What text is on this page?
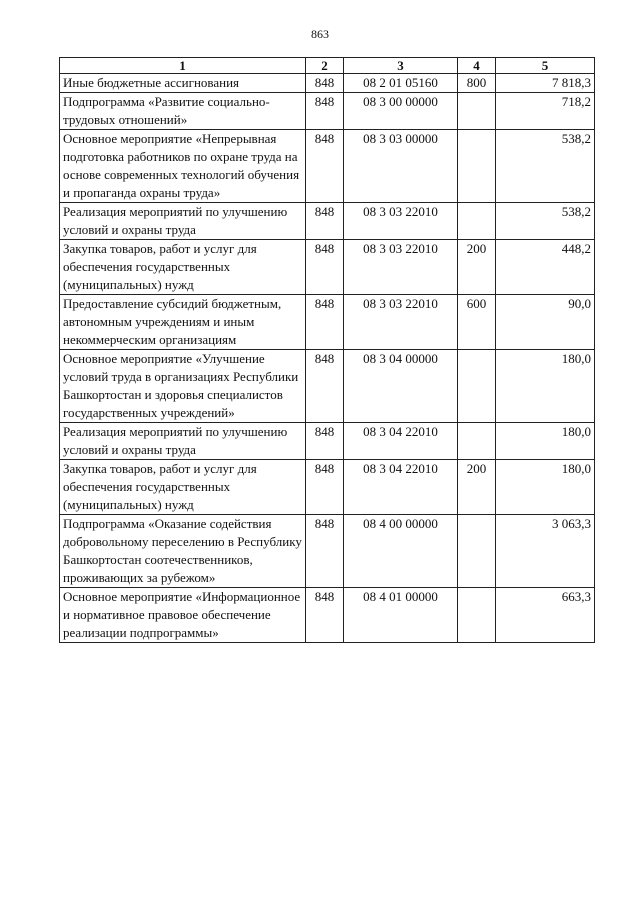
863
1	2	3	4	5
Иные бюджетные ассигнования	848	08 2 01 05160	800	7 818,3
Подпрограмма «Развитие социально-трудовых отношений»	848	08 3 00 00000		718,2
Основное мероприятие «Непрерывная подготовка работников по охране труда на основе современных технологий обучения и пропаганда охраны труда»	848	08 3 03 00000		538,2
Реализация мероприятий по улучшению условий и охраны труда	848	08 3 03 22010		538,2
Закупка товаров, работ и услуг для обеспечения государственных (муниципальных) нужд	848	08 3 03 22010	200	448,2
Предоставление субсидий бюджетным, автономным учреждениям и иным некоммерческим организациям	848	08 3 03 22010	600	90,0
Основное мероприятие «Улучшение условий труда в организациях Республики Башкортостан и здоровья специалистов государственных учреждений»	848	08 3 04 00000		180,0
Реализация мероприятий по улучшению условий и охраны труда	848	08 3 04 22010		180,0
Закупка товаров, работ и услуг для обеспечения государственных (муниципальных) нужд	848	08 3 04 22010	200	180,0
Подпрограмма «Оказание содействия добровольному переселению в Республику Башкортостан соотечественников, проживающих за рубежом»	848	08 4 00 00000		3 063,3
Основное мероприятие «Информационное и нормативное правовое обеспечение реализации подпрограммы»	848	08 4 01 00000		663,3
